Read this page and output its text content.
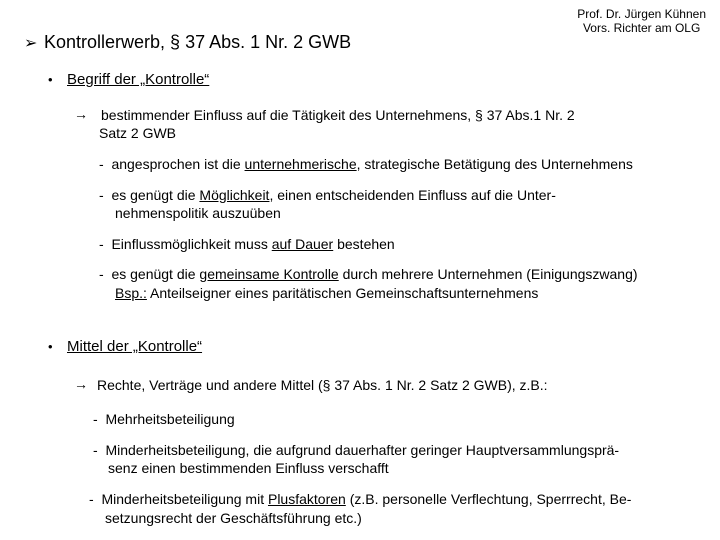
➢ Kontrollerwerb, § 37 Abs. 1 Nr. 2 GWB
Prof. Dr. Jürgen Kühnen
Vors. Richter am OLG
• Begriff der „Kontrolle“
→ bestimmender Einfluss auf die Tätigkeit des Unternehmens, § 37 Abs.1 Nr. 2
Satz 2 GWB
- angesprochen ist die unternehmerische, strategische Betätigung des Unternehmens
- es genügt die Möglichkeit, einen entscheidenden Einfluss auf die Unter-
nehmenspolitik auszuüben
- Einflussmöglichkeit muss auf Dauer bestehen
- es genügt die gemeinsame Kontrolle durch mehrere Unternehmen (Einigungszwang)
Bsp.: Anteilseigner eines paritätischen Gemeinschaftsunternehmens
• Mittel der „Kontrolle“
→ Rechte, Verträge und andere Mittel (§ 37 Abs. 1 Nr. 2 Satz 2 GWB), z.B.:
- Mehrheitsbeteiligung
- Minderheitsbeteiligung, die aufgrund dauerhafter geringer Hauptversammlungsprä-
senz einen bestimmenden Einfluss verschafft
- Minderheitsbeteiligung mit Plusfaktoren (z.B. personelle Verflechtung, Sperrrecht, Be-
setzungsrecht der Geschäftsführung etc.)
